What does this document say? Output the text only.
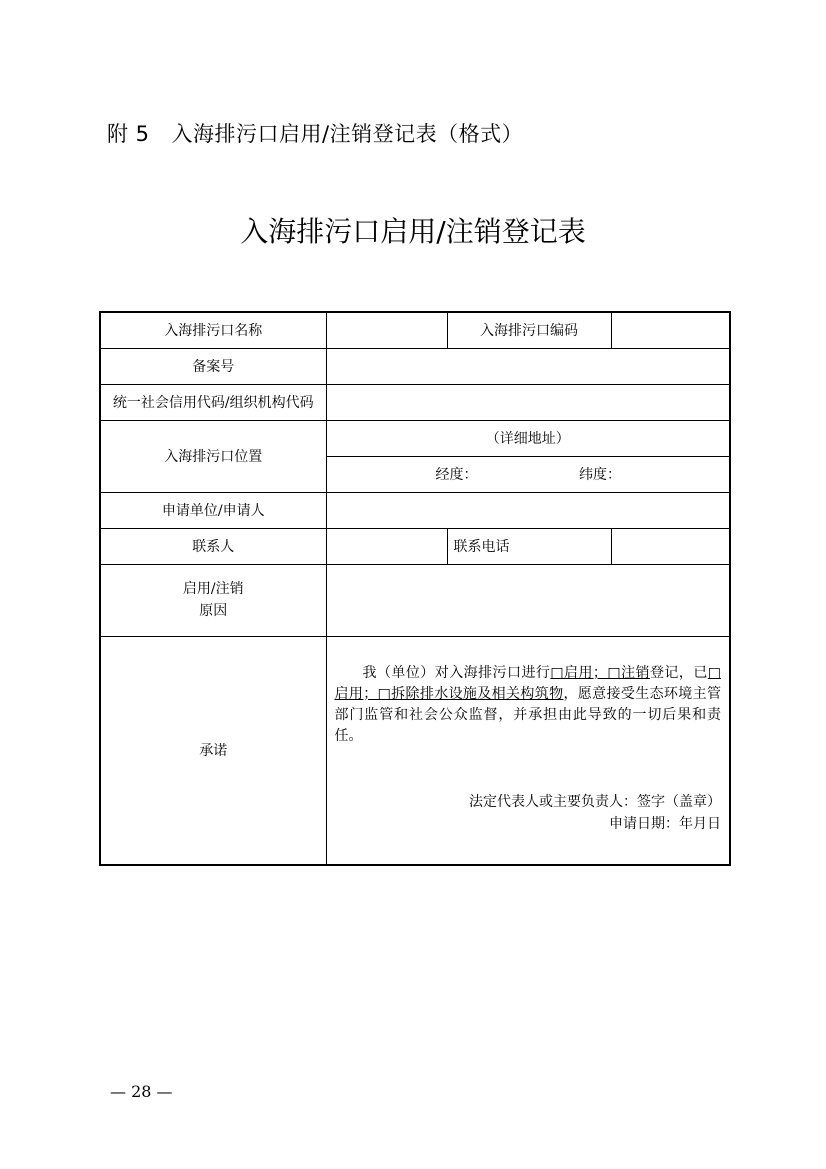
附 5 入海排污口启用/注销登记表（格式）
入海排污口启用/注销登记表
入海排污口名称		入海排污口编码	
备案号			
统一社会信用代码/组织机构代码			
入海排污口位置	（详细地址）		
	经度： 纬度：		
申请单位/申请人			
联系人		联系电话	

启用/注销
原因			

承诺	我（单位）对入海排污口进行□启用；□注销登记，已□启用；□拆除排水设施及相关构筑物，愿意接受生态环境主管部门监管和社会公众监督，并承担由此导致的一切后果和责任。
法定代表人或主要负责人：签字（盖章）
申请日期：年月日		
— 28 —
